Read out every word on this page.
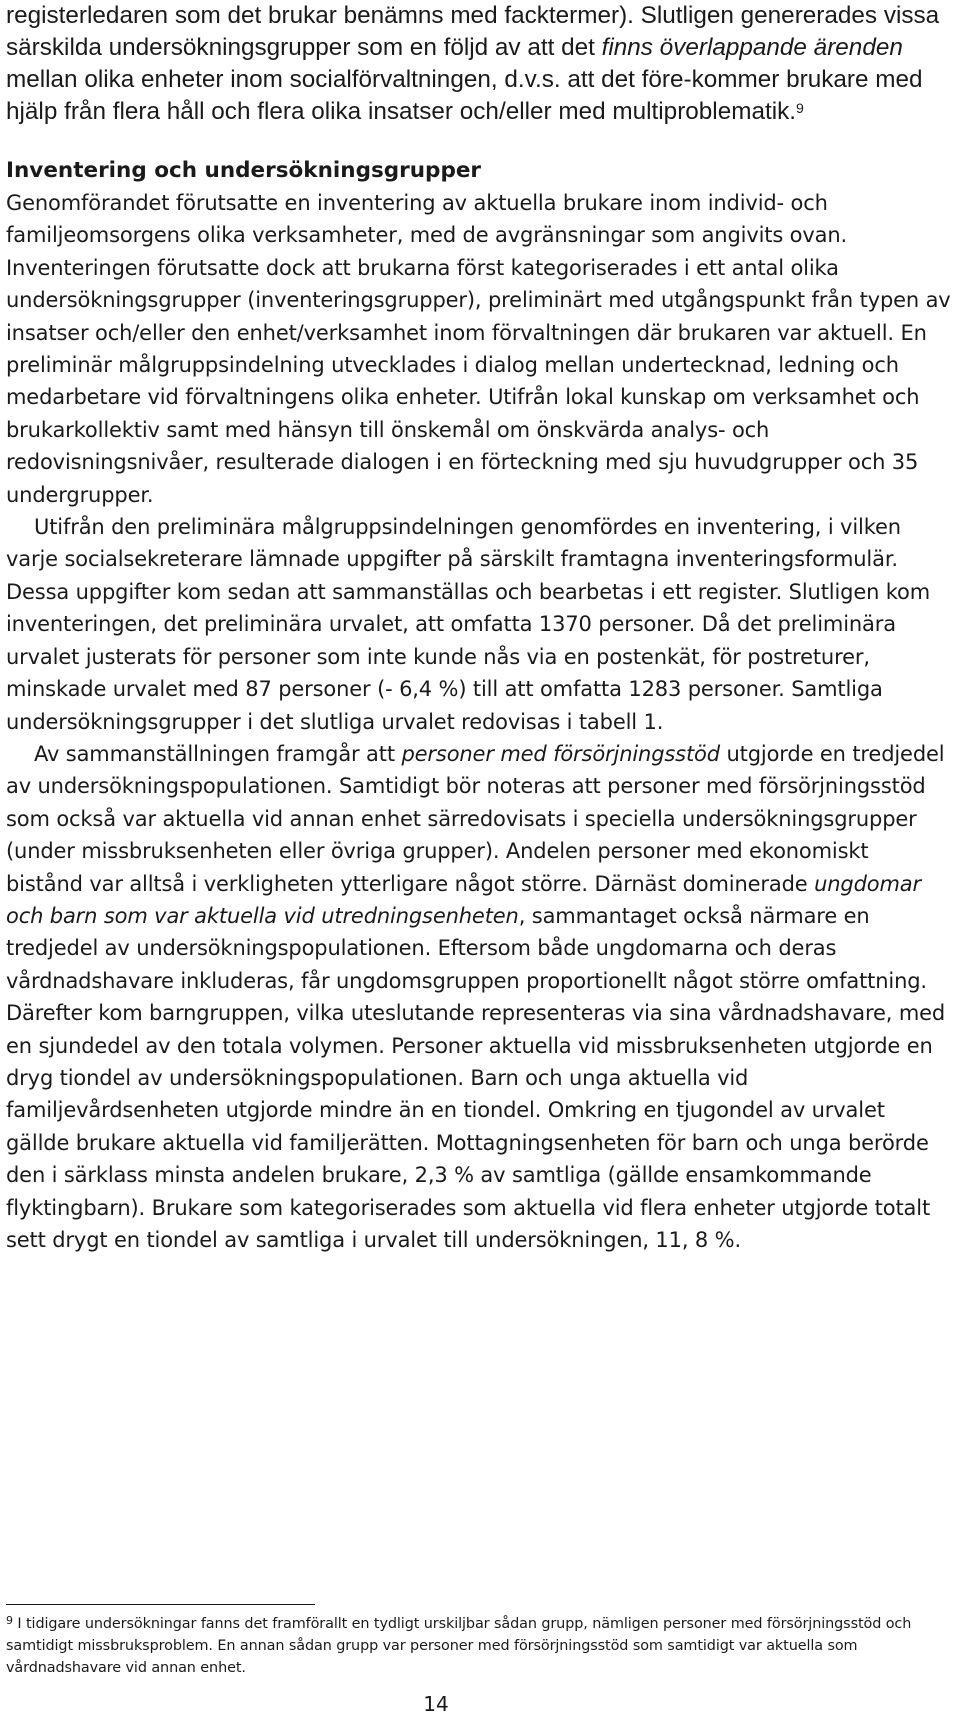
registerledaren som det brukar benämns med facktermer). Slutligen genererades vissa särskilda undersökningsgrupper som en följd av att det finns överlappande ärenden mellan olika enheter inom socialförvaltningen, d.v.s. att det före-kommer brukare med hjälp från flera håll och flera olika insatser och/eller med multiproblematik.$^9$

Inventering och undersökningsgrupper

Genomförandet förutsatte en inventering av aktuella brukare inom individ- och familjeomsorgens olika verksamheter, med de avgränsningar som angivits ovan. Inventeringen förutsatte dock att brukarna först kategoriserades i ett antal olika undersökningsgrupper (inventeringsgrupper), preliminärt med utgångspunkt från typen av insatser och/eller den enhet/verksamhet inom förvaltningen där brukaren var aktuell. En preliminär målgruppsindelning utvecklades i dialog mellan undertecknad, ledning och medarbetare vid förvaltningens olika enheter. Utifrån lokal kunskap om verksamhet och brukarkollektiv samt med hänsyn till önskemål om önskvärda analys- och redovisningsnivåer, resulterade dialogen i en förteckning med sju huvudgrupper och 35 undergrupper.

Utifrån den preliminära målgruppsindelningen genomfördes en inventering, i vilken varje socialsekreterare lämnade uppgifter på särskilt framtagna inventeringsformulär. Dessa uppgifter kom sedan att sammanställas och bearbetas i ett register. Slutligen kom inventeringen, det preliminära urvalet, att omfatta 1370 personer. Då det preliminära urvalet justerats för personer som inte kunde nås via en postenkät, för postreturer, minskade urvalet med 87 personer (- 6,4 %) till att omfatta 1283 personer. Samtliga undersökningsgrupper i det slutliga urvalet redovisas i tabell 1.

Av sammanställningen framgår att personer med försörjningsstöd utgjorde en tredjedel av undersökningspopulationen. Samtidigt bör noteras att personer med försörjningsstöd som också var aktuella vid annan enhet särredovisats i speciella undersökningsgrupper (under missbruksenheten eller övriga grupper). Andelen personer med ekonomiskt bistånd var alltså i verkligheten ytterligare något större. Därnäst dominerade ungdomar och barn som var aktuella vid utredningsenheten, sammantaget också närmare en tredjedel av undersökningspopulationen. Eftersom både ungdomarna och deras vårdnadshavare inkluderas, får ungdomsgruppen proportionellt något större omfattning. Därefter kom barngruppen, vilka uteslutande representeras via sina vårdnadshavare, med en sjundedel av den totala volymen. Personer aktuella vid missbruksenheten utgjorde en dryg tiondel av undersökningspopulationen. Barn och unga aktuella vid familjevårdsenheten utgjorde mindre än en tiondel. Omkring en tjugondel av urvalet gällde brukare aktuella vid familjerätten. Mottagningsenheten för barn och unga berörde den i särklass minsta andelen brukare, 2,3 % av samtliga (gällde ensamkommande flyktingbarn). Brukare som kategoriserades som aktuella vid flera enheter utgjorde totalt sett drygt en tiondel av samtliga i urvalet till undersökningen, 11, 8 %.

$^9$ I tidigare undersökningar fanns det framförallt en tydligt urskiljbar sådan grupp, nämligen personer med försörjningsstöd och samtidigt missbruksproblem. En annan sådan grupp var personer med försörjningsstöd som samtidigt var aktuella som vårdnadshavare vid annan enhet.

14
